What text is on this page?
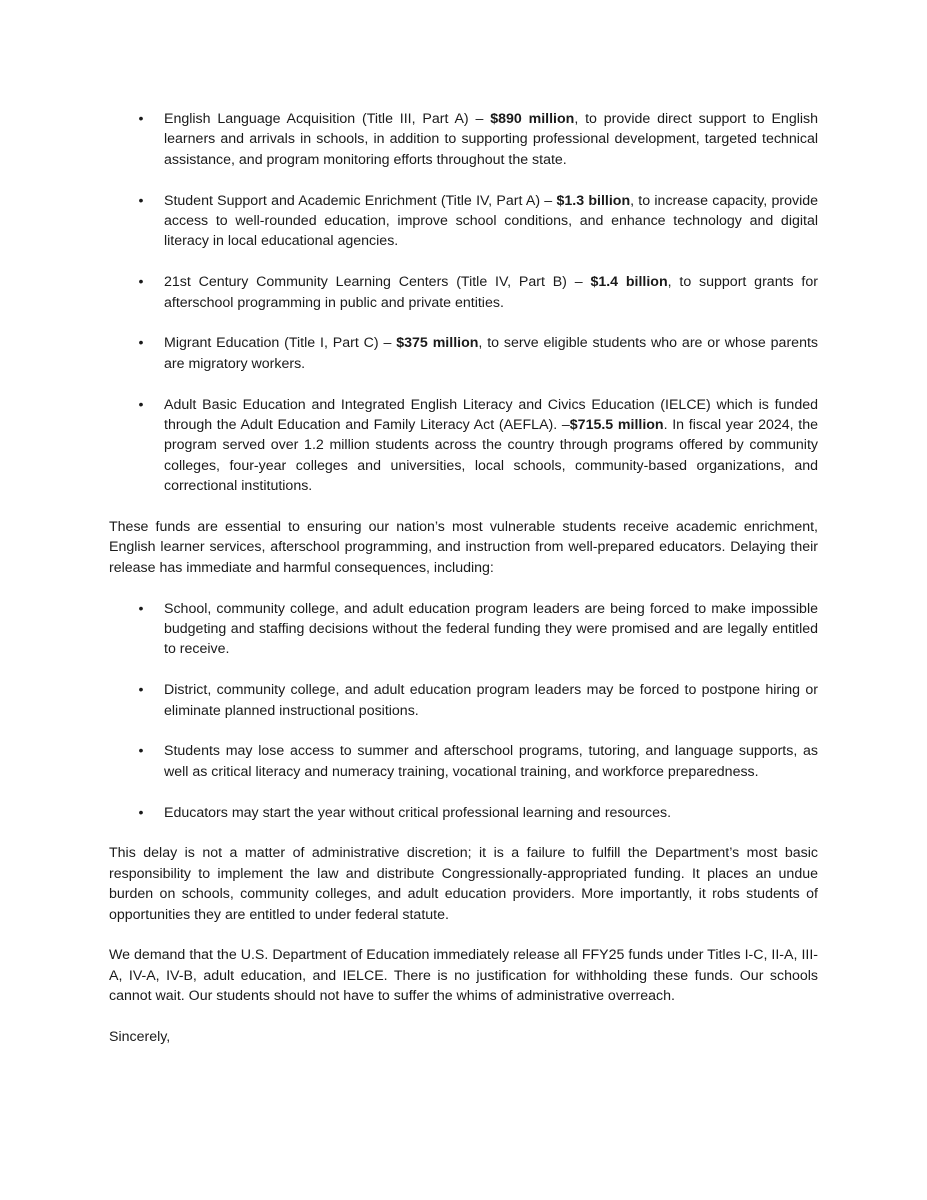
• English Language Acquisition (Title III, Part A) – $890 million, to provide direct support to English learners and arrivals in schools, in addition to supporting professional development, targeted technical assistance, and program monitoring efforts throughout the state.
• Student Support and Academic Enrichment (Title IV, Part A) – $1.3 billion, to increase capacity, provide access to well-rounded education, improve school conditions, and enhance technology and digital literacy in local educational agencies.
• 21st Century Community Learning Centers (Title IV, Part B) – $1.4 billion, to support grants for afterschool programming in public and private entities.
• Migrant Education (Title I, Part C) – $375 million, to serve eligible students who are or whose parents are migratory workers.
• Adult Basic Education and Integrated English Literacy and Civics Education (IELCE) which is funded through the Adult Education and Family Literacy Act (AEFLA). –$715.5 million. In fiscal year 2024, the program served over 1.2 million students across the country through programs offered by community colleges, four-year colleges and universities, local schools, community-based organizations, and correctional institutions.

These funds are essential to ensuring our nation’s most vulnerable students receive academic enrichment, English learner services, afterschool programming, and instruction from well-prepared educators. Delaying their release has immediate and harmful consequences, including:

• School, community college, and adult education program leaders are being forced to make impossible budgeting and staffing decisions without the federal funding they were promised and are legally entitled to receive.
• District, community college, and adult education program leaders may be forced to postpone hiring or eliminate planned instructional positions.
• Students may lose access to summer and afterschool programs, tutoring, and language supports, as well as critical literacy and numeracy training, vocational training, and workforce preparedness.
• Educators may start the year without critical professional learning and resources.

This delay is not a matter of administrative discretion; it is a failure to fulfill the Department’s most basic responsibility to implement the law and distribute Congressionally-appropriated funding. It places an undue burden on schools, community colleges, and adult education providers. More importantly, it robs students of opportunities they are entitled to under federal statute.

We demand that the U.S. Department of Education immediately release all FFY25 funds under Titles I-C, II-A, III-A, IV-A, IV-B, adult education, and IELCE. There is no justification for withholding these funds. Our schools cannot wait. Our students should not have to suffer the whims of administrative overreach.

Sincerely,
